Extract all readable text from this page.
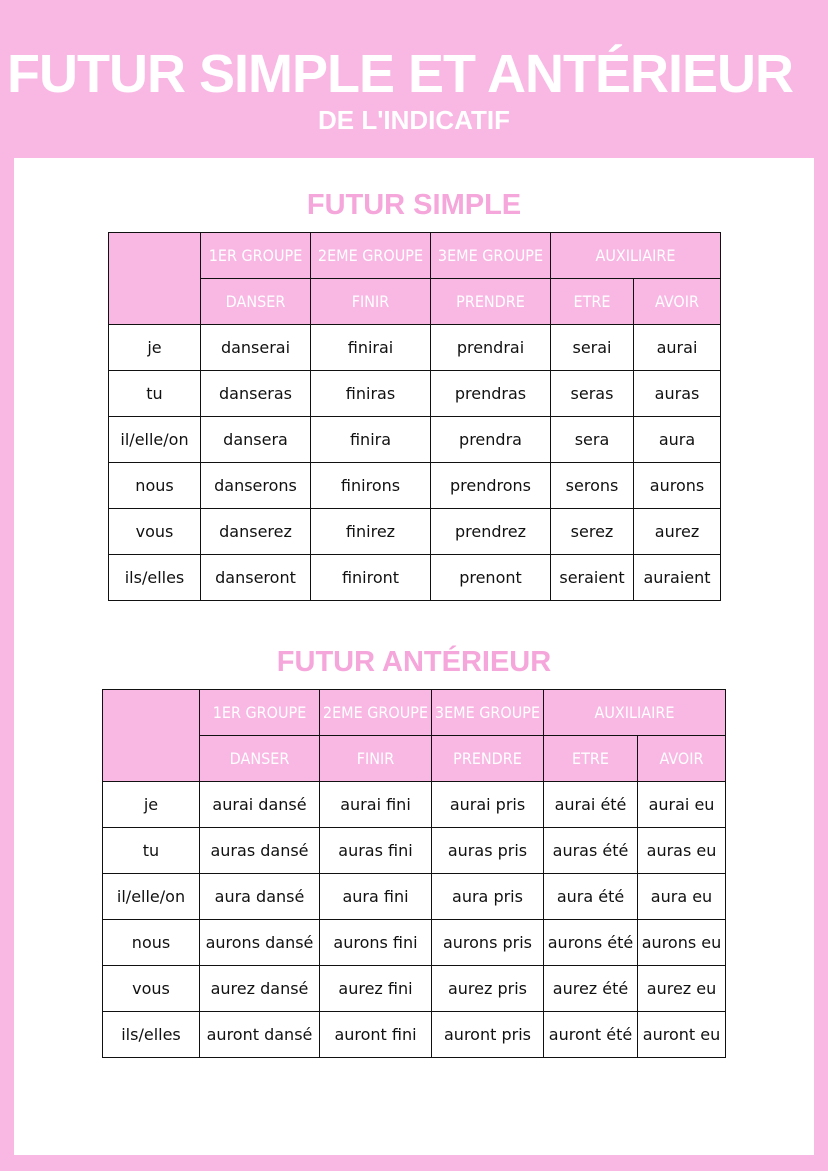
FUTUR SIMPLE ET ANTÉRIEUR
DE L'INDICATIF
FUTUR SIMPLE
	1ER GROUPE	2EME GROUPE	3EME GROUPE	AUXILIAIRE	
	DANSER	FINIR	PRENDRE	ETRE	AVOIR
je	danserai	finirai	prendrai	serai	aurai
tu	danseras	finiras	prendras	seras	auras
il/elle/on	dansera	finira	prendra	sera	aura
nous	danserons	finirons	prendrons	serons	aurons
vous	danserez	finirez	prendrez	serez	aurez
ils/elles	danseront	finiront	prenont	seraient	auraient
FUTUR ANTÉRIEUR
	1ER GROUPE	2EME GROUPE	3EME GROUPE	AUXILIAIRE	
	DANSER	FINIR	PRENDRE	ETRE	AVOIR
je	aurai dansé	aurai fini	aurai pris	aurai été	aurai eu
tu	auras dansé	auras fini	auras pris	auras été	auras eu
il/elle/on	aura dansé	aura fini	aura pris	aura été	aura eu
nous	aurons dansé	aurons fini	aurons pris	aurons été	aurons eu
vous	aurez dansé	aurez fini	aurez pris	aurez été	aurez eu
ils/elles	auront dansé	auront fini	auront pris	auront été	auront eu
